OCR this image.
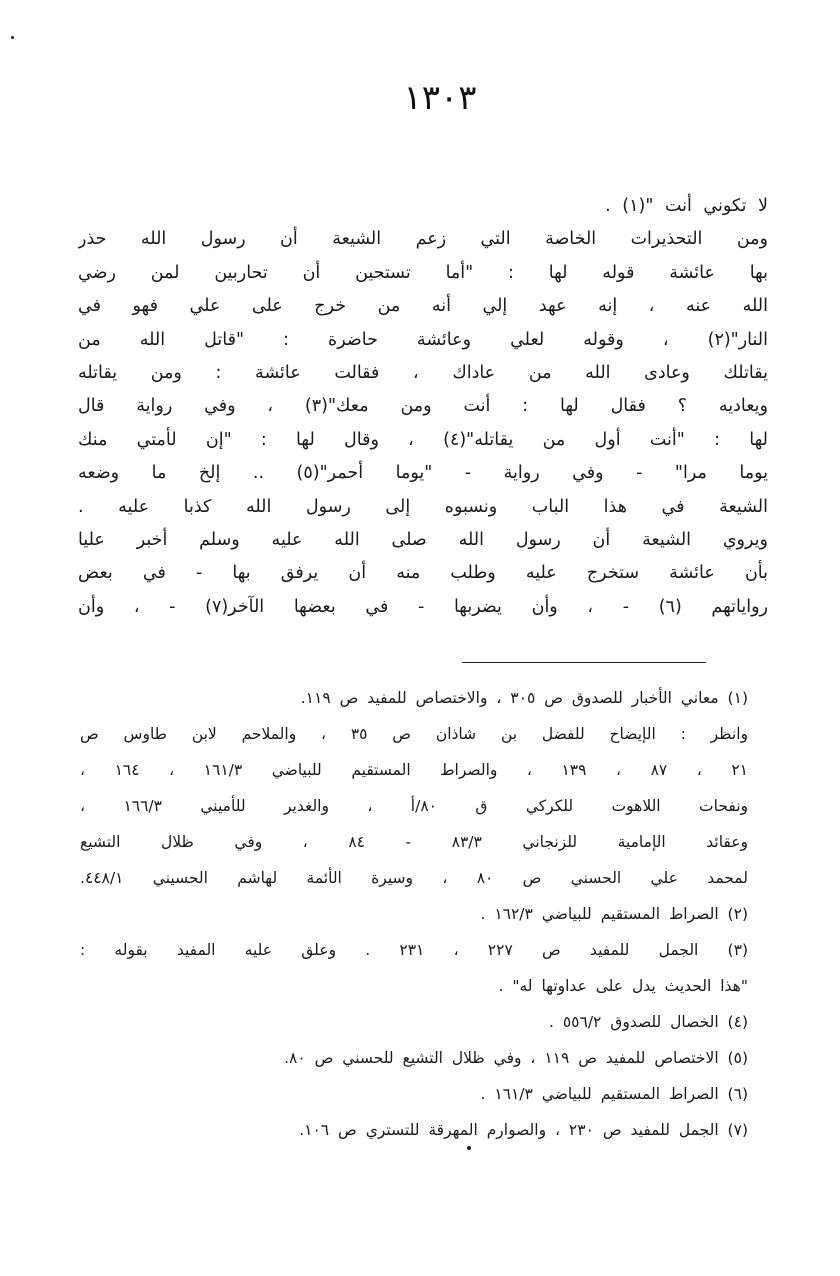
١٣٠٣
لا تكوني أنت "(١) .
ومن التحذيرات الخاصة التي زعم الشيعة أن رسول الله حذر
بها عائشة قوله لها : "أما تستحين أن تحاربين لمن رضي
الله عنه ، إنه عهد إلي أنه من خرج على علي فهو في
النار"(٢) ، وقوله لعلي وعائشة حاضرة : "قاتل الله من
يقاتلك وعادى الله من عاداك ، فقالت عائشة : ومن يقاتله
ويعاديه ؟ فقال لها : أنت ومن معك"(٣) ، وفي رواية قال
لها : "أنت أول من يقاتله"(٤) ، وقال لها : "إن لأمتي منك
يوما مرا" - وفي رواية - "يوما أحمر"(٥) .. إلخ ما وضعه
الشيعة في هذا الباب ونسبوه إلى رسول الله كذبا عليه .
ويروي الشيعة أن رسول الله صلى الله عليه وسلم أخبر عليا
بأن عائشة ستخرج عليه وطلب منه أن يرفق بها - في بعض
رواياتهم (٦) - ، وأن يضربها - في بعضها الآخر(٧) - ، وأن
(١) معاني الأخبار للصدوق ص ٣٠٥ ، والاختصاص للمفيد ص ١١٩.
وانظر : الإيضاح للفضل بن شاذان ص ٣٥ ، والملاحم لابن طاوس ص
٢١ ، ٨٧ ، ١٣٩ ، والصراط المستقيم للبياضي ١٦١/٣ ، ١٦٤ ،
ونفحات اللاهوت للكركي ق ٨٠/أ ، والغدير للأميني ١٦٦/٣ ،
وعقائد الإمامية للزنجاني ٨٣/٣ - ٨٤ ، وفي ظلال التشيع
لمحمد علي الحسني ص ٨٠ ، وسيرة الأئمة لهاشم الحسيني ٤٤٨/١.
(٢) الصراط المستقيم للبياضي ١٦٢/٣ .
(٣) الجمل للمفيد ص ٢٢٧ ، ٢٣١ . وعلق عليه المفيد بقوله :
"هذا الحديث يدل على عداوتها له" .
(٤) الخصال للصدوق ٥٥٦/٢ .
(٥) الاختصاص للمفيد ص ١١٩ ، وفي ظلال التشيع للحسني ص ٨٠.
(٦) الصراط المستقيم للبياضي ١٦١/٣ .
(٧) الجمل للمفيد ص ٢٣٠ ، والصوارم المهرقة للتستري ص ١٠٦.
